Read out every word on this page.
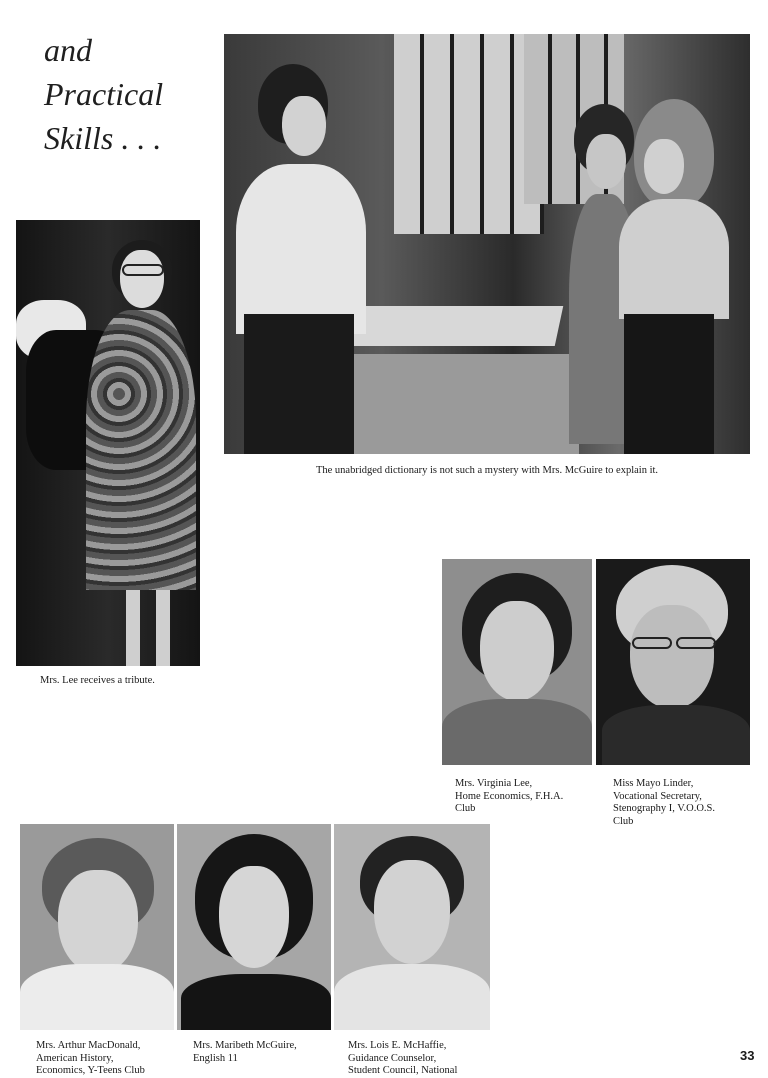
and
Practical
Skills . . .
The unabridged dictionary is not such a mystery with Mrs. McGuire to explain it.
Mrs. Lee receives a tribute.
Mrs. Virginia Lee,
Home Economics, F.H.A.
Club
Miss Mayo Linder,
Vocational Secretary,
Stenography I, V.O.O.S.
Club
Mrs. Arthur MacDonald,
American History,
Economics, Y-Teens Club
Mrs. Maribeth McGuire,
English 11
Mrs. Lois E. McHaffie,
Guidance Counselor,
Student Council, National
33
